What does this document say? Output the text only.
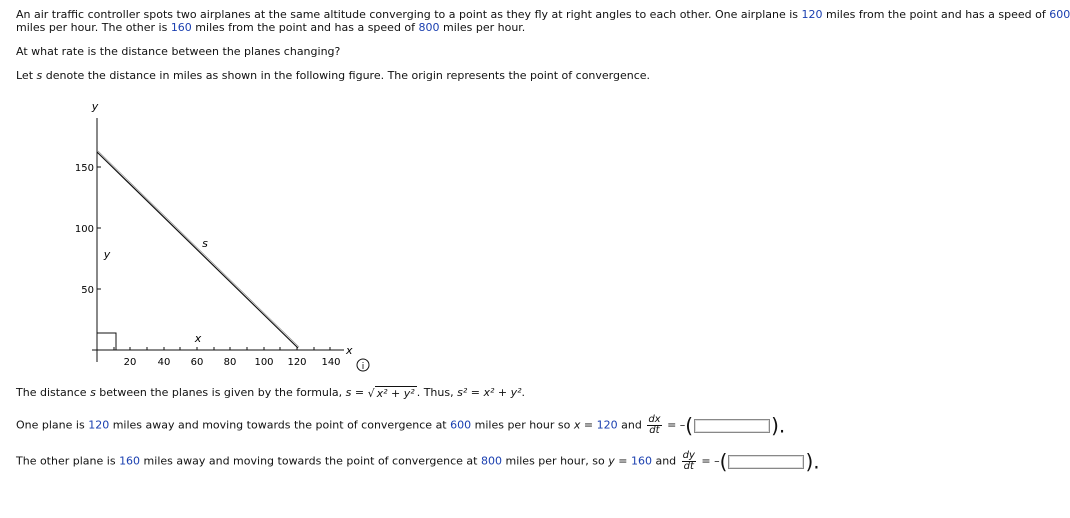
An air traffic controller spots two airplanes at the same altitude converging to a point as they fly at right angles to each other. One airplane is 120 miles from the point and has a speed of 600
miles per hour. The other is 160 miles from the point and has a speed of 800 miles per hour.
At what rate is the distance between the planes changing?
Let s denote the distance in miles as shown in the following figure. The origin represents the point of convergence.
y
x
s
y
x
150
100
50
20 40 60 80 100 120 140 i
The distance s between the planes is given by the formula, s = √ x² + y² . Thus, s² = x² + y².
One plane is 120 miles away and moving towards the point of convergence at 600 miles per hour so x = 120 and $\frac{dx}{dt}$ = –(	).
The other plane is 160 miles away and moving towards the point of convergence at 800 miles per hour, so y = 160 and $\frac{dy}{dt}$ = –(	).
